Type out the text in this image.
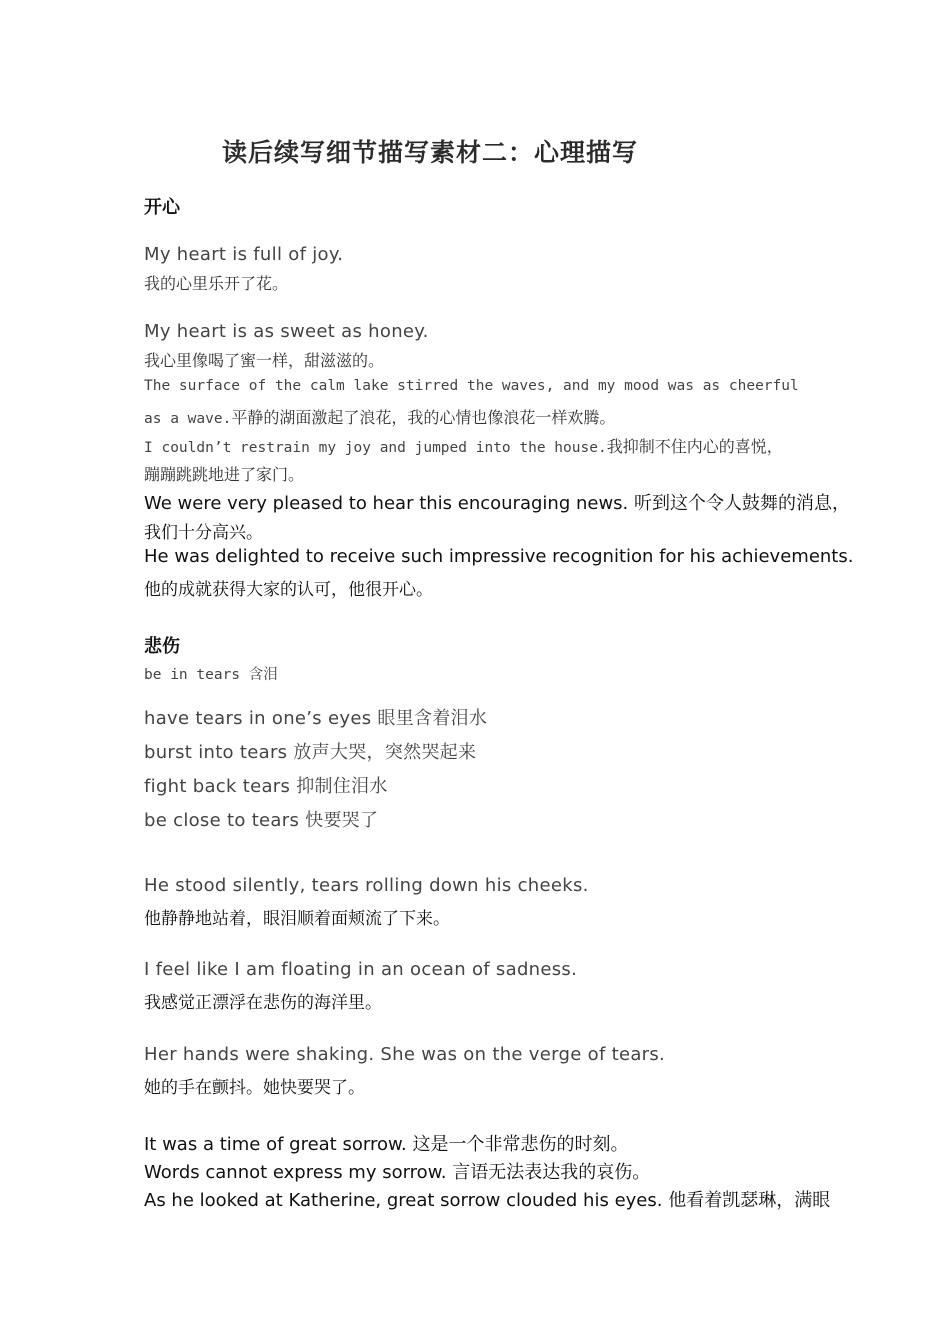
读后续写细节描写素材二：心理描写
开心
My heart is full of joy.
我的心里乐开了花。
My heart is as sweet as honey.
我心里像喝了蜜一样，甜滋滋的。
The surface of the calm lake stirred the waves, and my mood was as cheerful
as a wave.平静的湖面激起了浪花，我的心情也像浪花一样欢腾。
I couldn’t restrain my joy and jumped into the house.我抑制不住内心的喜悦，
蹦蹦跳跳地进了家门。
We were very pleased to hear this encouraging news. 听到这个令人鼓舞的消息，
我们十分高兴。
He was delighted to receive such impressive recognition for his achievements.
他的成就获得大家的认可，他很开心。
悲伤
be in tears 含泪
have tears in one’s eyes 眼里含着泪水
burst into tears 放声大哭，突然哭起来
fight back tears 抑制住泪水
be close to tears 快要哭了
He stood silently, tears rolling down his cheeks.
他静静地站着，眼泪顺着面颊流了下来。
I feel like I am floating in an ocean of sadness.
我感觉正漂浮在悲伤的海洋里。
Her hands were shaking. She was on the verge of tears.
她的手在颤抖。她快要哭了。
It was a time of great sorrow. 这是一个非常悲伤的时刻。
Words cannot express my sorrow. 言语无法表达我的哀伤。
As he looked at Katherine, great sorrow clouded his eyes. 他看着凯瑟琳，满眼
